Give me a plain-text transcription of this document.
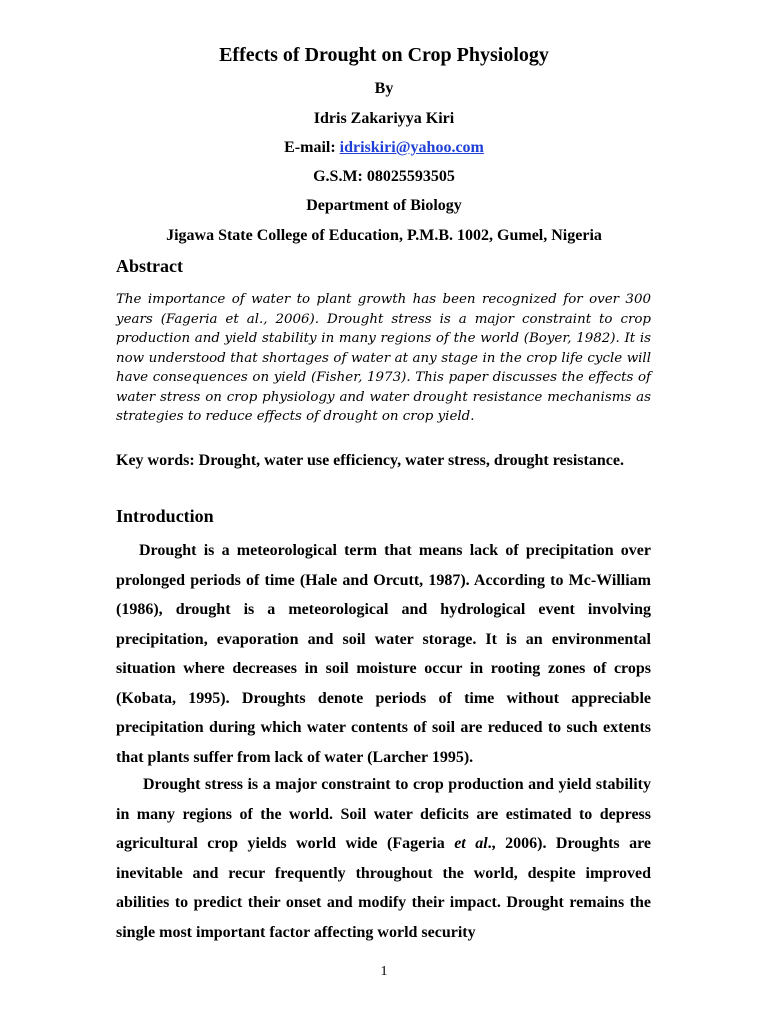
Effects of Drought on Crop Physiology
By
Idris Zakariyya Kiri
E-mail: idriskiri@yahoo.com
G.S.M: 08025593505
Department of Biology
Jigawa State College of Education, P.M.B. 1002, Gumel, Nigeria
Abstract
The importance of water to plant growth has been recognized for over 300 years (Fageria et al., 2006). Drought stress is a major constraint to crop production and yield stability in many regions of the world (Boyer, 1982). It is now understood that shortages of water at any stage in the crop life cycle will have consequences on yield (Fisher, 1973). This paper discusses the effects of water stress on crop physiology and water drought resistance mechanisms as strategies to reduce effects of drought on crop yield.
Key words: Drought, water use efficiency, water stress, drought resistance.
Introduction
Drought is a meteorological term that means lack of precipitation over prolonged periods of time (Hale and Orcutt, 1987). According to Mc-William (1986), drought is a meteorological and hydrological event involving precipitation, evaporation and soil water storage. It is an environmental situation where decreases in soil moisture occur in rooting zones of crops (Kobata, 1995). Droughts denote periods of time without appreciable precipitation during which water contents of soil are reduced to such extents that plants suffer from lack of water (Larcher 1995).
Drought stress is a major constraint to crop production and yield stability in many regions of the world. Soil water deficits are estimated to depress agricultural crop yields world wide (Fageria et al., 2006). Droughts are inevitable and recur frequently throughout the world, despite improved abilities to predict their onset and modify their impact. Drought remains the single most important factor affecting world security
1
